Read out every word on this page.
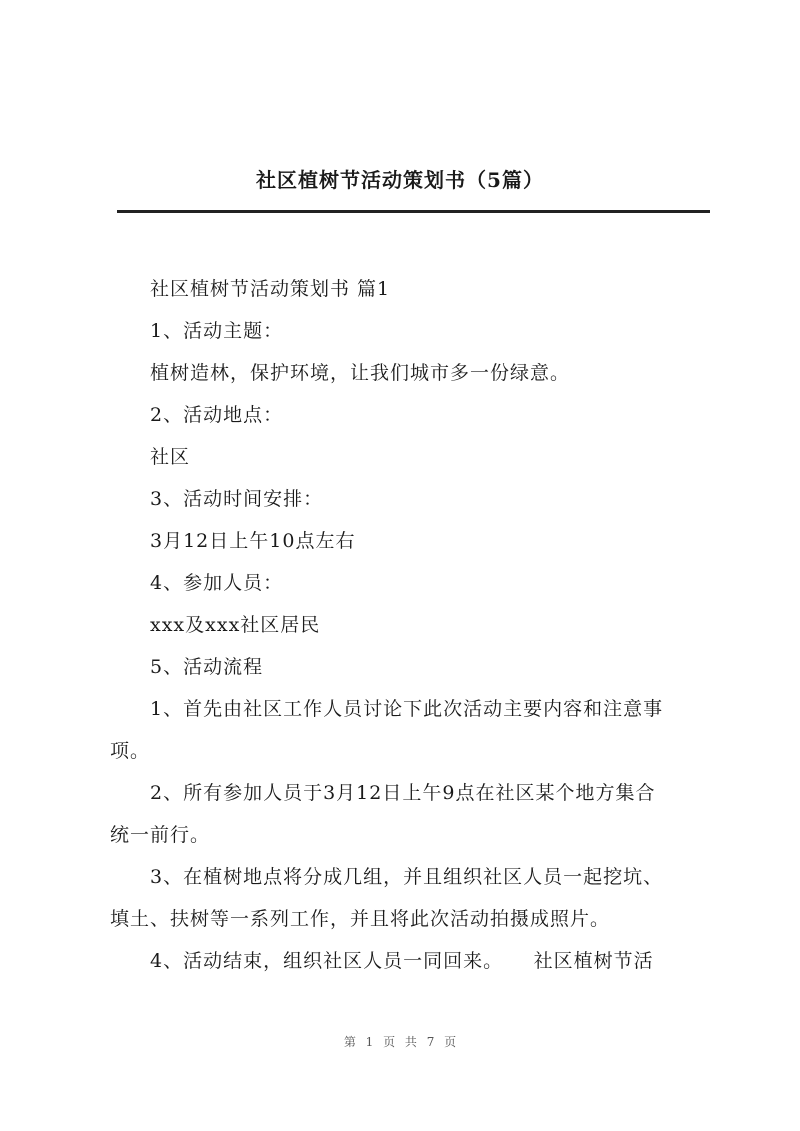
社区植树节活动策划书（5篇）

社区植树节活动策划书 篇1

1、活动主题：

植树造林，保护环境，让我们城市多一份绿意。

2、活动地点：

社区

3、活动时间安排：

3月12日上午10点左右

4、参加人员：

xxx及xxx社区居民

5、活动流程

1、首先由社区工作人员讨论下此次活动主要内容和注意事

项。

2、所有参加人员于3月12日上午9点在社区某个地方集合

统一前行。

3、在植树地点将分成几组，并且组织社区人员一起挖坑、

填土、扶树等一系列工作，并且将此次活动拍摄成照片。

4、活动结束，组织社区人员一同回来。　　社区植树节活

第 1 页 共 7 页
